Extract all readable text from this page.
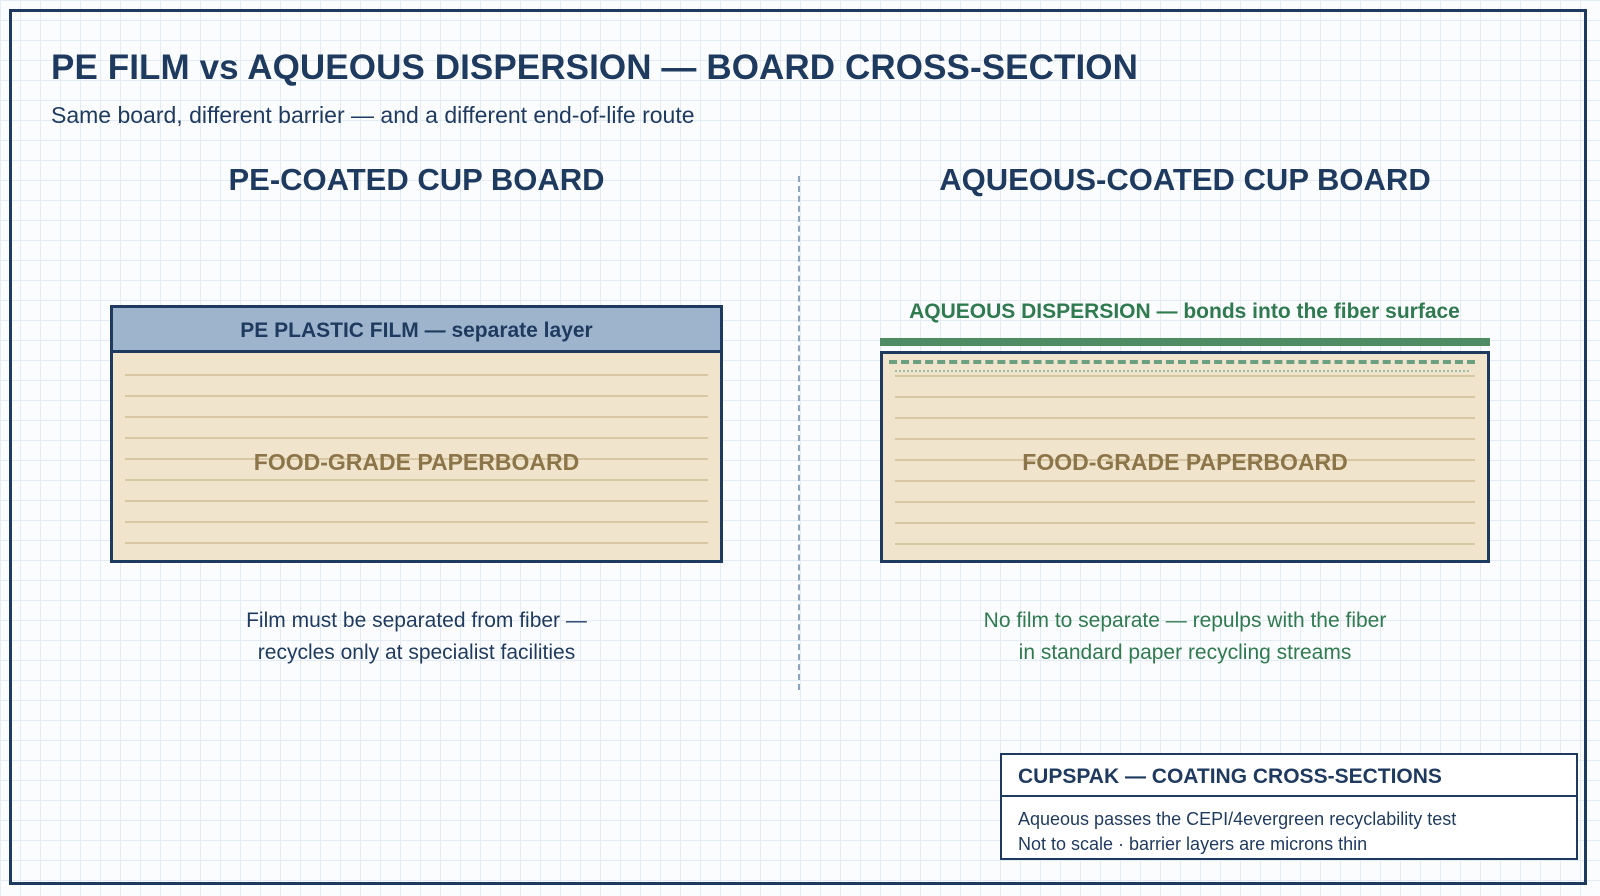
PE FILM vs AQUEOUS DISPERSION — BOARD CROSS-SECTION

Same board, different barrier — and a different end-of-life route

PE-COATED CUP BOARD
PE PLASTIC FILM — separate layer
FOOD-GRADE PAPERBOARD
Film must be separated from fiber —
recycles only at specialist facilities
AQUEOUS-COATED CUP BOARD
AQUEOUS DISPERSION — bonds into the fiber surface
FOOD-GRADE PAPERBOARD
No film to separate — repulps with the fiber
in standard paper recycling streams
CUPSPAK — COATING CROSS-SECTIONS
Aqueous passes the CEPI/4evergreen recyclability test
Not to scale · barrier layers are microns thin
